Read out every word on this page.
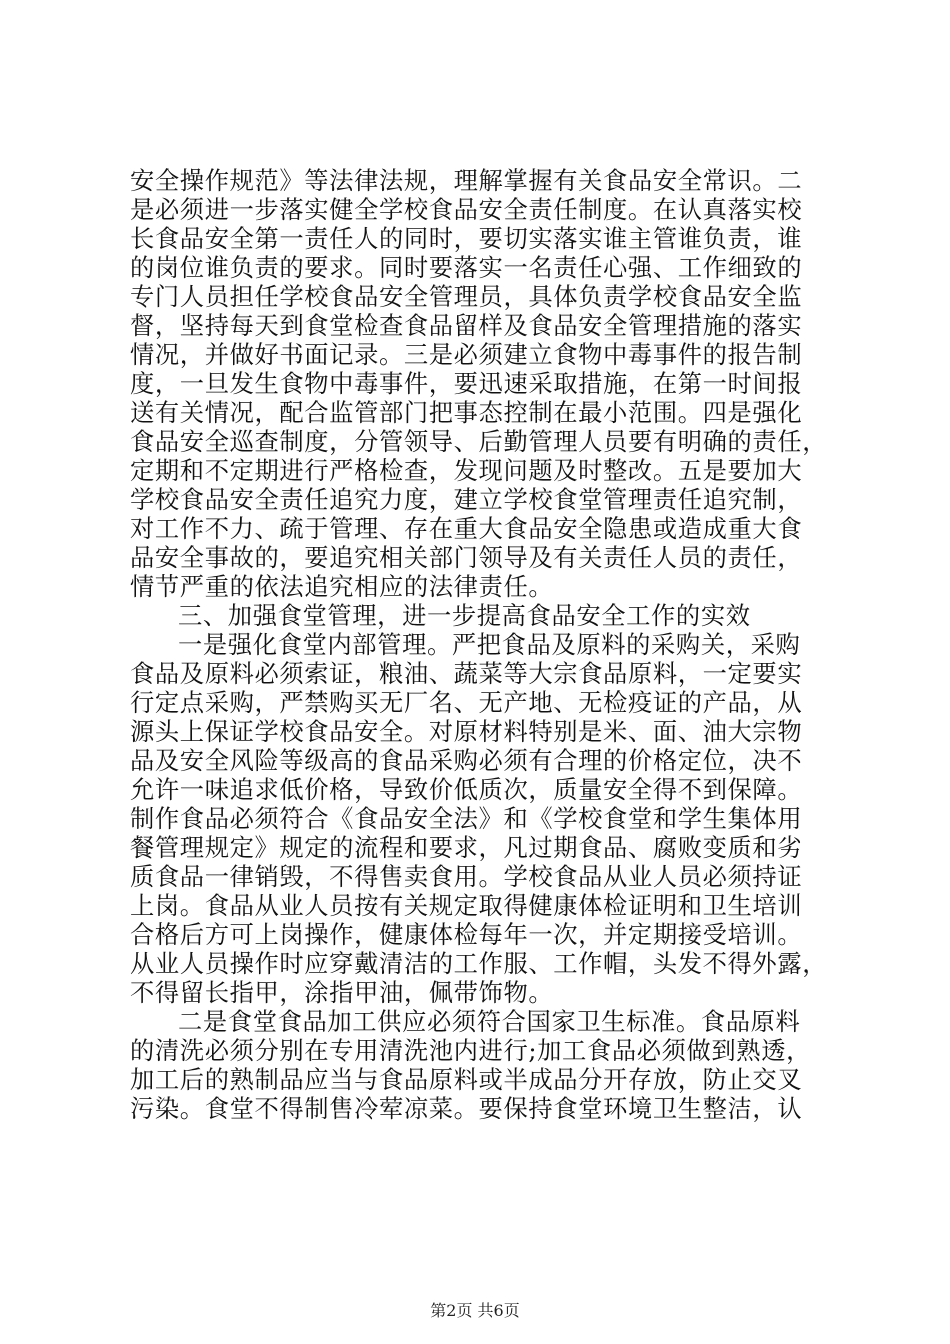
安全操作规范》等法律法规，理解掌握有关食品安全常识。二
是必须进一步落实健全学校食品安全责任制度。在认真落实校
长食品安全第一责任人的同时，要切实落实谁主管谁负责，谁
的岗位谁负责的要求。同时要落实一名责任心强、工作细致的
专门人员担任学校食品安全管理员，具体负责学校食品安全监
督，坚持每天到食堂检查食品留样及食品安全管理措施的落实
情况，并做好书面记录。三是必须建立食物中毒事件的报告制
度，一旦发生食物中毒事件，要迅速采取措施，在第一时间报
送有关情况，配合监管部门把事态控制在最小范围。四是强化
食品安全巡查制度，分管领导、后勤管理人员要有明确的责任，
定期和不定期进行严格检查，发现问题及时整改。五是要加大
学校食品安全责任追究力度，建立学校食堂管理责任追究制，
对工作不力、疏于管理、存在重大食品安全隐患或造成重大食
品安全事故的，要追究相关部门领导及有关责任人员的责任，
情节严重的依法追究相应的法律责任。
三、加强食堂管理，进一步提高食品安全工作的实效
一是强化食堂内部管理。严把食品及原料的采购关，采购
食品及原料必须索证，粮油、蔬菜等大宗食品原料，一定要实
行定点采购，严禁购买无厂名、无产地、无检疫证的产品，从
源头上保证学校食品安全。对原材料特别是米、面、油大宗物
品及安全风险等级高的食品采购必须有合理的价格定位，决不
允许一味追求低价格，导致价低质次，质量安全得不到保障。
制作食品必须符合《食品安全法》和《学校食堂和学生集体用
餐管理规定》规定的流程和要求，凡过期食品、腐败变质和劣
质食品一律销毁，不得售卖食用。学校食品从业人员必须持证
上岗。食品从业人员按有关规定取得健康体检证明和卫生培训
合格后方可上岗操作，健康体检每年一次，并定期接受培训。
从业人员操作时应穿戴清洁的工作服、工作帽，头发不得外露，
不得留长指甲，涂指甲油，佩带饰物。
二是食堂食品加工供应必须符合国家卫生标准。食品原料
的清洗必须分别在专用清洗池内进行;加工食品必须做到熟透，
加工后的熟制品应当与食品原料或半成品分开存放，防止交叉
污染。食堂不得制售冷荤凉菜。要保持食堂环境卫生整洁，认
第2页 共6页
